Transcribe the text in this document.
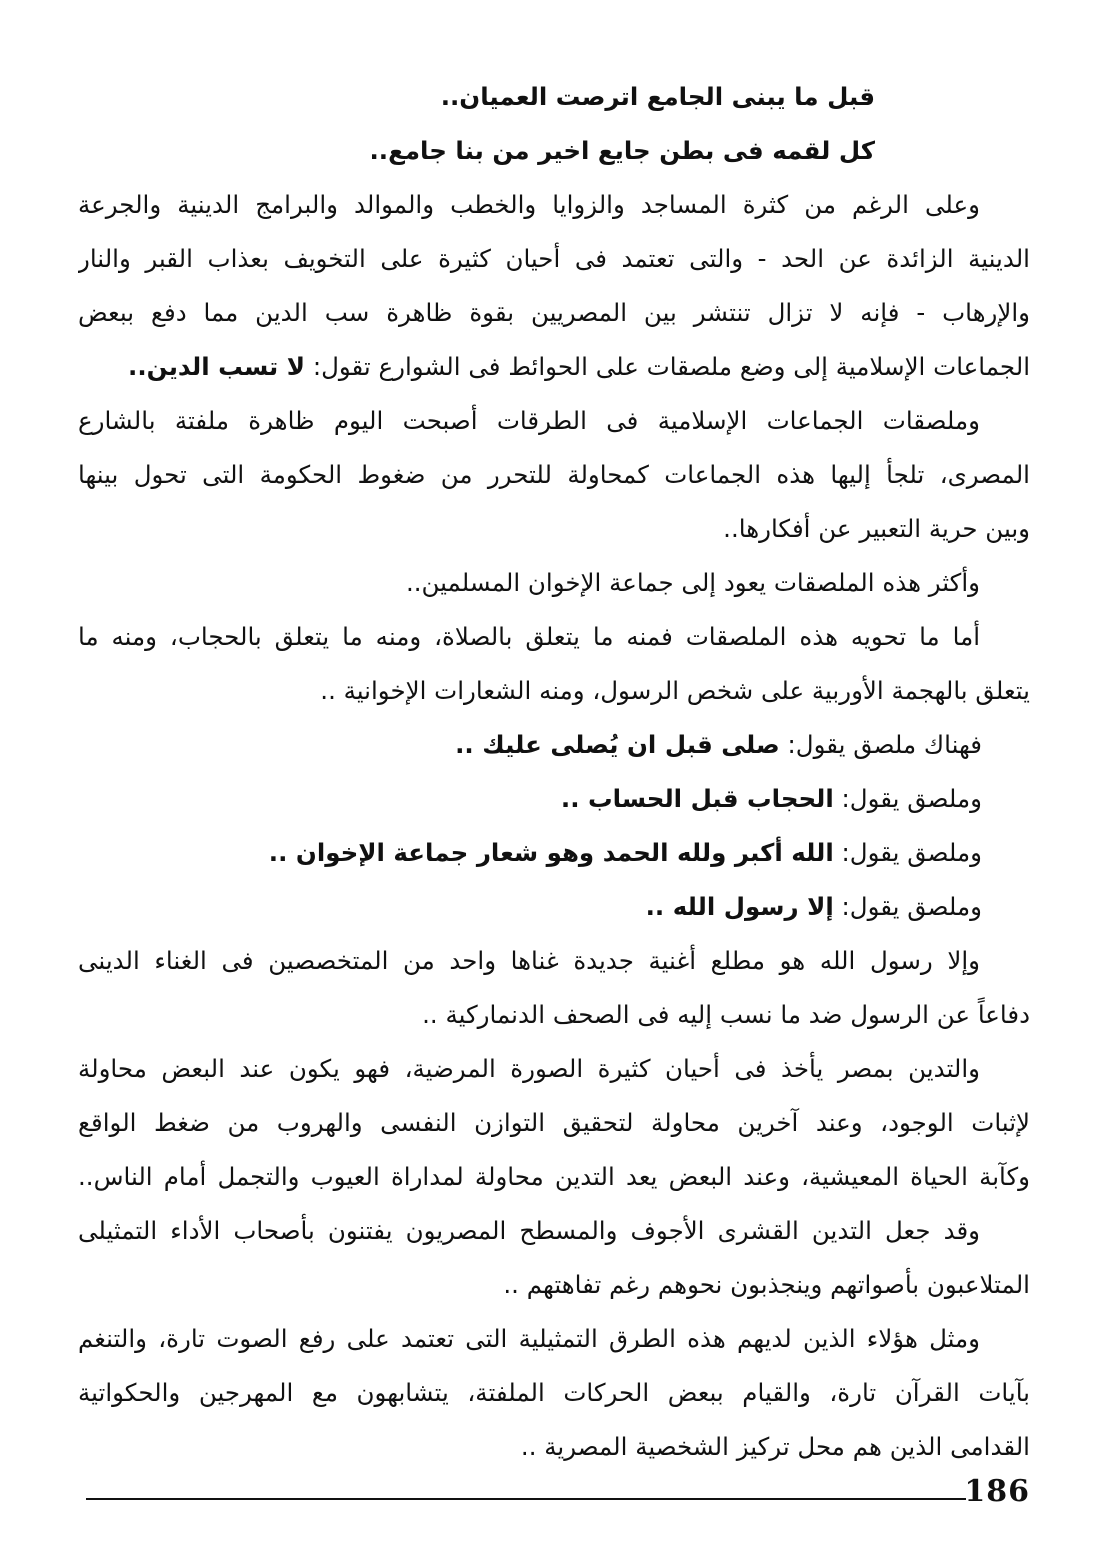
قبل ما يبنى الجامع اترصت العميان..
كل لقمه فى بطن جايع اخير من بنا جامع..
وعلى الرغم من كثرة المساجد والزوايا والخطب والموالد والبرامج الدينية والجرعة
الدينية الزائدة عن الحد - والتى تعتمد فى أحيان كثيرة على التخويف بعذاب القبر والنار
والإرهاب - فإنه لا تزال تنتشر بين المصريين بقوة ظاهرة سب الدين مما دفع ببعض
الجماعات الإسلامية إلى وضع ملصقات على الحوائط فى الشوارع تقول: لا تسب الدين..
وملصقات الجماعات الإسلامية فى الطرقات أصبحت اليوم ظاهرة ملفتة بالشارع
المصرى، تلجأ إليها هذه الجماعات كمحاولة للتحرر من ضغوط الحكومة التى تحول بينها
وبين حرية التعبير عن أفكارها..
وأكثر هذه الملصقات يعود إلى جماعة الإخوان المسلمين..
أما ما تحويه هذه الملصقات فمنه ما يتعلق بالصلاة، ومنه ما يتعلق بالحجاب، ومنه ما
يتعلق بالهجمة الأوربية على شخص الرسول، ومنه الشعارات الإخوانية ..
فهناك ملصق يقول: صلى قبل ان يُصلى عليك ..
وملصق يقول: الحجاب قبل الحساب ..
وملصق يقول: الله أكبر ولله الحمد وهو شعار جماعة الإخوان ..
وملصق يقول: إلا رسول الله ..
وإلا رسول الله هو مطلع أغنية جديدة غناها واحد من المتخصصين فى الغناء الدينى
دفاعاً عن الرسول ضد ما نسب إليه فى الصحف الدنماركية ..
والتدين بمصر يأخذ فى أحيان كثيرة الصورة المرضية، فهو يكون عند البعض محاولة
لإثبات الوجود، وعند آخرين محاولة لتحقيق التوازن النفسى والهروب من ضغط الواقع
وكآبة الحياة المعيشية، وعند البعض يعد التدين محاولة لمداراة العيوب والتجمل أمام الناس..
وقد جعل التدين القشرى الأجوف والمسطح المصريون يفتنون بأصحاب الأداء التمثيلى
المتلاعبون بأصواتهم وينجذبون نحوهم رغم تفاهتهم ..
ومثل هؤلاء الذين لديهم هذه الطرق التمثيلية التى تعتمد على رفع الصوت تارة، والتنغم
بآيات القرآن تارة، والقيام ببعض الحركات الملفتة، يتشابهون مع المهرجين والحكواتية
القدامى الذين هم محل تركيز الشخصية المصرية ..
186
